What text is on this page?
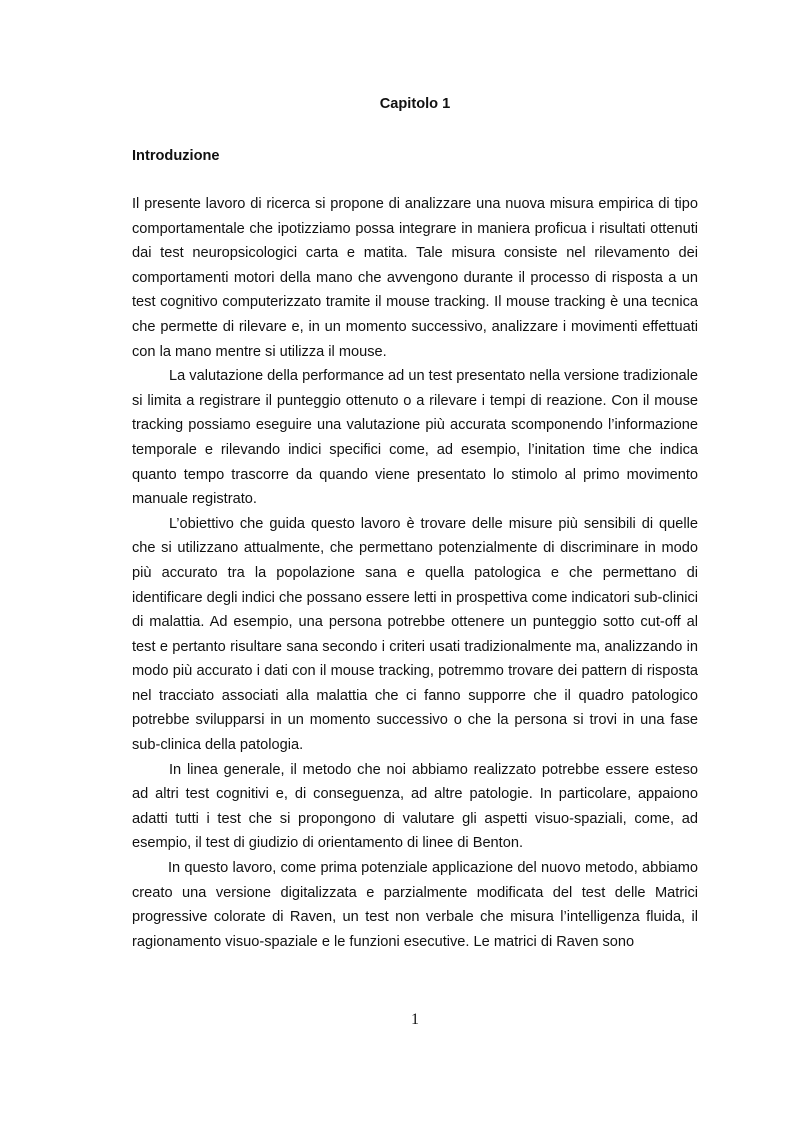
Capitolo 1
Introduzione

Il presente lavoro di ricerca si propone di analizzare una nuova misura empirica di tipo comportamentale che ipotizziamo possa integrare in maniera proficua i risultati ottenuti dai test neuropsicologici carta e matita. Tale misura consiste nel rilevamento dei comportamenti motori della mano che avvengono durante il processo di risposta a un test cognitivo computerizzato tramite il mouse tracking. Il mouse tracking è una tecnica che permette di rilevare e, in un momento successivo, analizzare i movimenti effettuati con la mano mentre si utilizza il mouse.

La valutazione della performance ad un test presentato nella versione tradizionale si limita a registrare il punteggio ottenuto o a rilevare i tempi di reazione. Con il mouse tracking possiamo eseguire una valutazione più accurata scomponendo l’informazione temporale e rilevando indici specifici come, ad esempio, l’initation time che indica quanto tempo trascorre da quando viene presentato lo stimolo al primo movimento manuale registrato.

L’obiettivo che guida questo lavoro è trovare delle misure più sensibili di quelle che si utilizzano attualmente, che permettano potenzialmente di discriminare in modo più accurato tra la popolazione sana e quella patologica e che permettano di identificare degli indici che possano essere letti in prospettiva come indicatori sub-clinici di malattia. Ad esempio, una persona potrebbe ottenere un punteggio sotto cut-off al test e pertanto risultare sana secondo i criteri usati tradizionalmente ma, analizzando in modo più accurato i dati con il mouse tracking, potremmo trovare dei pattern di risposta nel tracciato associati alla malattia che ci fanno supporre che il quadro patologico potrebbe svilupparsi in un momento successivo o che la persona si trovi in una fase sub-clinica della patologia.

In linea generale, il metodo che noi abbiamo realizzato potrebbe essere esteso ad altri test cognitivi e, di conseguenza, ad altre patologie. In particolare, appaiono adatti tutti i test che si propongono di valutare gli aspetti visuo-spaziali, come, ad esempio, il test di giudizio di orientamento di linee di Benton.

In questo lavoro, come prima potenziale applicazione del nuovo metodo, abbiamo creato una versione digitalizzata e parzialmente modificata del test delle Matrici progressive colorate di Raven, un test non verbale che misura l’intelligenza fluida, il ragionamento visuo-spaziale e le funzioni esecutive. Le matrici di Raven sono

1
